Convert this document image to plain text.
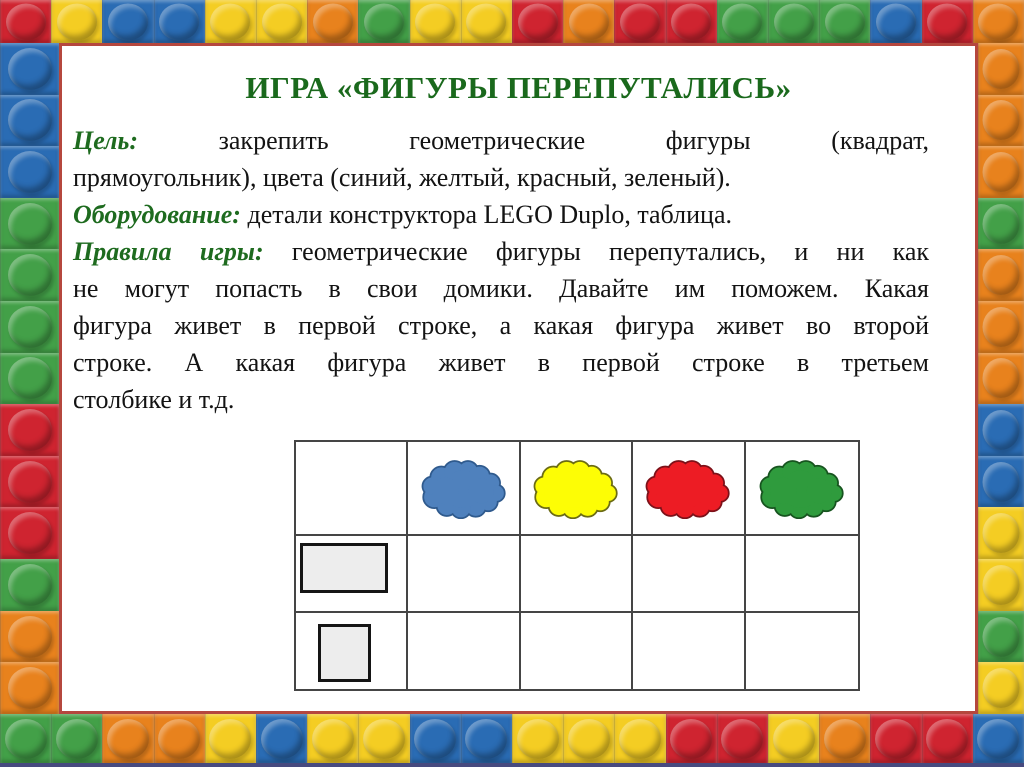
ИГРА «ФИГУРЫ ПЕРЕПУТАЛИСЬ»
Цель:	закрепить геометрические фигуры (квадрат,
прямоугольник), цвета (синий, желтый, красный, зеленый).
Оборудование: детали конструктора LEGO Duplo, таблица.
Правила игры: геометрические фигуры перепутались, и ни как
не могут попасть в свои домики. Давайте им поможем. Какая
фигура живет в первой строке, а какая фигура живет во второй
строке. А какая фигура живет в первой строке в третьем
столбике и т.д.
